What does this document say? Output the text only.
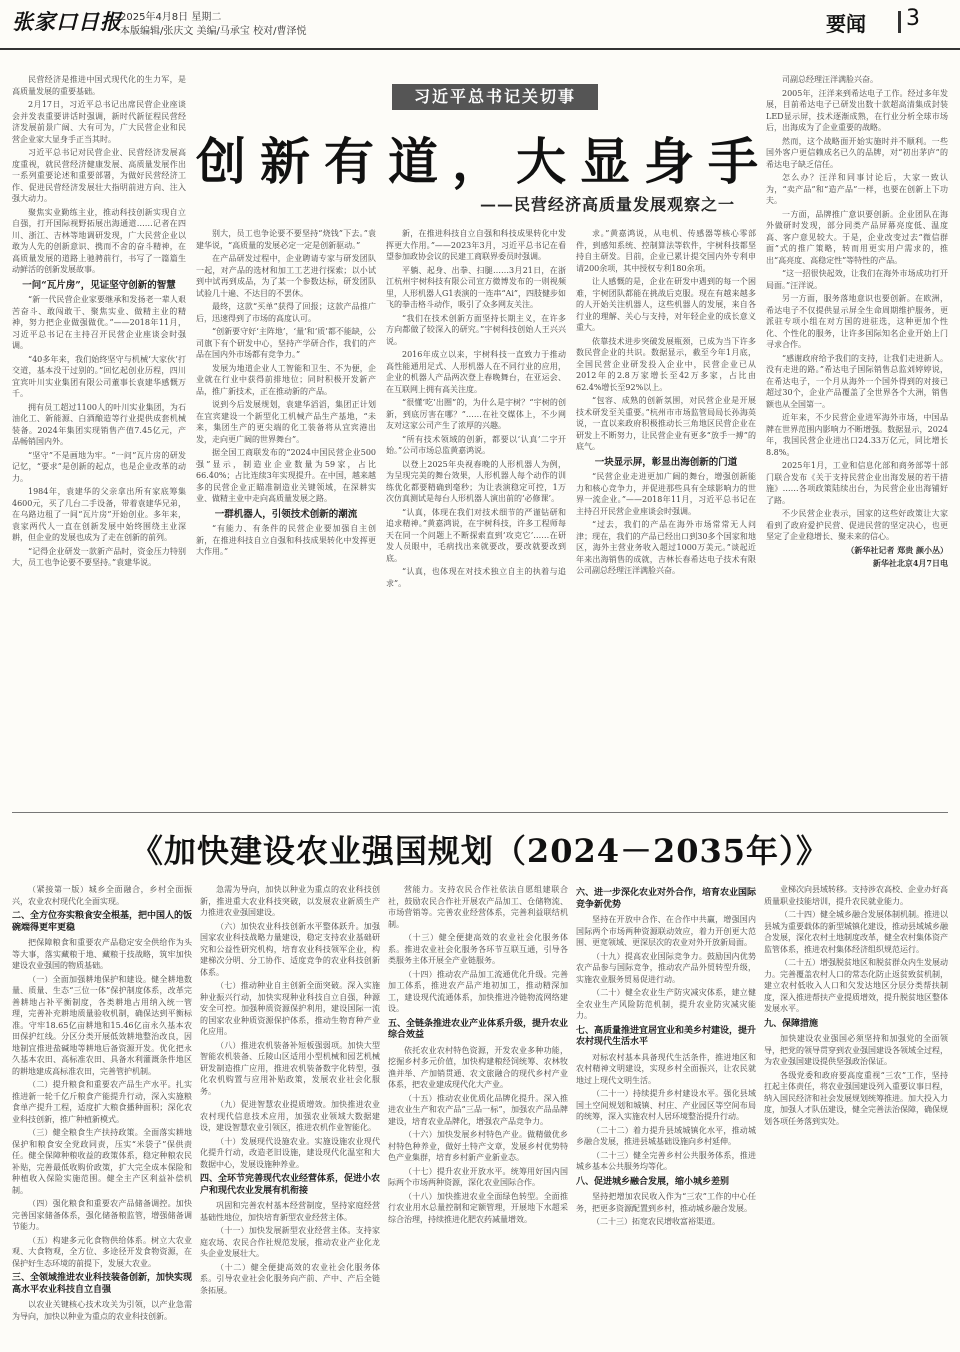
张家口日报
2025年4月8日 星期二
本版编辑/张庆文 美编/马承宝 校对/曹泽悦	要闻 3
习近平总书记关切事
创新有道，大显身手
——民营经济高质量发展观察之一

民营经济是推进中国式现代化的生力军，是高质量发展的重要基础。

2月17日，习近平总书记出席民营企业座谈会并发表重要讲话时强调，新时代新征程民营经济发展前景广阔、大有可为，广大民营企业和民营企业家大显身手正当其时。

习近平总书记对民营企业、民营经济发展高度重视，就民营经济健康发展、高质量发展作出一系列重要论述和重要部署，为做好民营经济工作、促进民营经济发展壮大指明前进方向、注入强大动力。

聚焦实业勤练主业，推动科技创新实现自立自强，打开国际视野拓展出海通道……记者在四川、浙江、吉林等地调研发现，广大民营企业以敢为人先的创新意识、携而不舍的奋斗精神，在高质量发展的道路上驰骋前行，书写了一篇篇生动鲜活的创新发展故事。

一问“瓦片房”，见证坚守创新的智慧

“新一代民营企业家要继承和发扬老一辈人艰苦奋斗、敢闯敢干、聚焦实业、做精主业的精神，努力把企业做强做优。”——2018年11月，习近平总书记在主持召开民营企业座谈会时强调。

“40多年来，我们始终坚守与机械‘大家伙’打交道，基本没干过别的。”回忆起创业历程，四川宜宾叶川实业集团有限公司董事长袁建华感慨万千。

拥有员工超过1100人的叶川实业集团，为石油化工、新能源、白酒酿造等行业提供成套机械装备。2024年集团实现销售产值7.45亿元，产品畅销国内外。

“坚守”不是画地为牢。“一问”瓦片房的研发记忆，“要求”是创新的起点，也是企业改革的动力。

1984年，袁建华的父亲拿出所有家底筹集4600元，买了几台二手设备，带着袁建华兄弟，在乌路边租了一间“瓦片房”开始创业。多年来，袁家两代人一直在创新发展中始终围绕主业深耕，但企业的发展也成为了走在创新的前列。

“记得企业研发一款新产品时，资金压力特别大，员工也争论要不要坚持。”袁建华说。

别大，员工也争论要不要坚持“烧钱”下去。”袁建华说，“高质量的发展必定一定是创新驱动。”

在产品研发过程中，企业聘请专家与研发团队一起，对产品的选材和加工工艺进行探索；以小试到中试再到成品，为了某一个参数达标，研发团队试验几十遍、不达目的不罢休。

最终，这款“买单”获得了回报；这款产品推广后，迅速得到了市场的高度认可。

“创新要守好‘主阵地’，‘量’和‘质’都不能缺，公司旗下有个研发中心，坚持产学研合作，我们的产品在国内外市场都有竞争力。”

发展为地道企业人工智能和卫生、不为便，企业就在行业中获得前排地位；同时积极开发新产品，推广新技术，正在推动新的产品。

说到今后发展规划，袁建华滔滔，集团正计划在宜宾建设一个新型化工机械产品生产基地，“未来，集团生产的更尖端的化工装备将从宜宾港出发，走向更广阔的世界舞台”。

据全国工商联发布的“2024中国民营企业500强”显示，制造业企业数量为59家，占比66.40%；占比连续3年实现提升。在中国，越来越多的民营企业正瞄准制造业关键领域，在深耕实业、做精主业中走向高质量发展之路。

一群机器人，引领技术创新的潮流

“有能力、有条件的民营企业要加强自主创新，在推进科技自立自强和科技成果转化中发挥更大作用。”

新，在推进科技自立自强和科技成果转化中发挥更大作用。”——2023年3月，习近平总书记在看望参加政协会议的民建工商联界委员时强调。

平躺、起身、出拳、扫腿……3月21日，在浙江杭州宇树科技有限公司宣方微博发布的一则视频里，人形机器人G1表演的一连串“Ai”，四肢健步如飞的拳击格斗动作，吸引了众多网友关注。

“我们在技术创新方面坚持长期主义，在许多方向都做了较深入的研究。”宇树科技创始人王兴兴说。

2016年成立以来，宇树科技一直致力于推动高性能通用足式、人形机器人在不同行业的应用，企业的机器人产品两次登上春晚舞台，在亚运会、在互联网上拥有高关注度。

“很懂‘吃’出圈”的，为什么是宇树？“宇树的创新，到底厉害在哪？”……在社交媒体上，不少网友对这家公司产生了浓厚的兴趣。

“所有技术领域的创新，都要以‘认真’二字开始。”公司市场总监黄嘉鸿说。

以登上2025年央视春晚的人形机器人为例，为呈现完美的舞台效果，人形机器人每个动作的训练优化都要精确到毫秒；为让表演稳定可控，1万次仿真测试是每台人形机器人演出前的‘必修课’。

“认真，体现在我们对技术细节的严谨钻研和追求精神。”黄嘉鸿说，在宇树科技，许多工程师每天在同一个问题上不断探索直到‘攻克它’……在研发人员眼中，毛病找出来就要改，要改就要改到底。

“认真，也体现在对技术独立自主的执着与追求”。

求。”黄嘉鸿说，从电机、传感器等核心零部件，到感知系统、控制算法等软件，宇树科技都坚持自主研发。目前，企业已累计提交国内外专利申请200余项，其中授权专利180余项。

让人感慨的是，企业在研发中遇到的每一个困难，宇树团队都能在挑战后克服。现在有越来越多的人开始关注机器人，这些机器人的发展，来自各行业的理解、关心与支持，对年轻企业的成长意义重大。

依靠技术进步突破发展瓶颈，已成为当下许多数民营企业的共识。数据显示，截至今年1月底，全国民营企业研发投入企业中，民营企业已从2012年的2.8万家增长至42万多家，占比由62.4%增长至92%以上。

“包容、成熟的创新氛围，对民营企业是开展技术研发至关重要。”杭州市市场监管局局长孙海英说，一直以来政府积极推动长三角地区民营企业在研发上不断努力，让民营企业有更多“放手一搏”的底气。

一块显示屏，彰显出海创新的门道

“民营企业走进更加广阔的舞台，增强创新能力和核心竞争力，并促进那些具有全球影响力的世界一流企业。”——2018年11月，习近平总书记在主持召开民营企业座谈会时强调。

“过去，我们的产品在海外市场常常无人问津；现在，我们的产品已经出口到30多个国家和地区，海外主营业务收入超过1000万美元。”谈起近年来出海销售的成就，吉林长春希达电子技术有限公司副总经理汪洋满脸兴奋。

司副总经理汪洋满脸兴奋。

2005年，汪洋来到希达电子工作。经过多年发展，目前希达电子已研发出数十款超高清集成封装LED显示屏，技术逐渐成熟，在行业分析全球市场后，出海成为了企业重要的战略。

然而，这个战略面开始实施时并不顺利。一些国外客户更信赖成名已久的品牌，对“初出茅庐”的希达电子缺乏信任。

怎么办？汪洋和同事讨论后，大家一致认为，“卖产品”和“造产品”一样，也要在创新上下功夫。

一方面，品牌推广意识要创新。企业团队在海外做研时发现，部分同类产品屏幕亮度低、温度高、客户意见较大。于是，企业改变过去“微信群面”式的推广策略，转而用更实用户需求的，推出“高亮度、高稳定性”等特性的产品。

“这一招很快起效，让我们在海外市场成功打开局面。”汪洋说。

另一方面，服务落地意识也要创新。在欧洲，希达电子不仅提供显示屏全生命周期维护服务，更派驻专项小组在对方国的进驻选，这种更加个性化、个性化的服务，让许多国际知名企业开始上门寻求合作。

“感谢政府给予我们的支持，让我们走进新人。没有走进的路。”希达电子国际销售总监刘婷婷说，在希达电子，一个月从海外一个国外得到的对接已超过30个，企业产品覆盖了全世界各个大洲，销售额也从全国第一。

近年来，不少民营企业进军海外市场，中国品牌在世界范围内影响力不断增强。数据显示，2024年，我国民营企业进出口24.33万亿元，同比增长8.8%。

2025年1月，工业和信息化部和商务部等十部门联合发布《关于支持民营企业出海发展的若干措施》……各项政策陆续出台，为民营企业出海铺好了路。

不少民营企业表示，国家的这些好政策让大家看到了政府爱护民营、促进民营的坚定决心，也更坚定了企业稳增长、聚未来的信心。

（新华社记者 郑贵 颜小丛）

新华社北京4月7日电

《加快建设农业强国规划（2024－2035年）》

（紧接第一版）城乡全面融合，乡村全面振兴，农业农村现代化全面实现。

二、全方位夯实粮食安全根基，把中国人的饭碗端得更牢更稳

把保障粮食和重要农产品稳定安全供给作为头等大事，落实藏粮于地、藏粮于技战略，筑牢加快建设农业强国的物质基础。

（一）全面加强耕地保护和建设。健全耕地数量、质量、生态“三位一体”保护制度体系，改革完善耕地占补平衡制度，各类耕地占用纳入统一管理，完善补充耕地质量验收机制，确保达到平衡标准。守牢18.65亿亩耕地和15.46亿亩永久基本农田保护红线。分区分类开展低效耕地整治改良，因地制宜推进盐碱地等耕地后备资源开发。优化把永久基本农田、高标准农田、具备水利灌溉条件地区的耕地建成高标准农田，完善管护机制。

（二）提升粮食和重要农产品生产水平。扎实推进新一轮千亿斤粮食产能提升行动，深入实施粮食单产提升工程，适度扩大粮食播种面积；深化农业科技创新，推广种植新模式。

（三）健全粮食生产扶持政策。全面落实耕地保护和粮食安全党政同责，压实“米袋子”保供责任。健全保障种粮收益的政策体系，稳定种粮农民补贴，完善最低收购价政策，扩大完全成本保险和种植收入保险实施范围。健全主产区利益补偿机制。

（四）强化粮食和重要农产品储备调控。加快完善国家储备体系，强化储备粮监管，增强储备调节能力。

（五）构建多元化食物供给体系。树立大农业观、大食物观，全方位、多途径开发食物资源，在保护好生态环境的前提下，发展大农业。

三、全领域推进农业科技装备创新，加快实现高水平农业科技自立自强

以农业关键核心技术攻关为引领，以产业急需为导向，加快以种业为重点的农业科技创新。

急需为导向，加快以种业为重点的农业科技创新，推进重大农业科技突破，以发展农业新质生产力推进农业强国建设。

（六）加快农业科技创新水平整体跃升。加强国家农业科技战略力量建设，稳定支持农业基础研究和公益性研究机构，培育农业科技领军企业，构建梯次分明、分工协作、适度竞争的农业科技创新体系。

（七）推动种业自主创新全面突破。深入实施种业振兴行动，加快实现种业科技自立自强，种源安全可控。加强种质资源保护利用，建设国际一流的国家农业种质资源保护体系，推动生物育种产业化应用。

（八）推进农机装备补短板强弱项。加快大型智能农机装备、丘陵山区适用小型机械和园艺机械研发制造推广应用，推进农机装备数字化转型，强化农机购置与应用补贴政策，发展农业社会化服务。

（九）促进智慧农业提质增效。加快推进农业农村现代信息技术应用，加强农业领域大数据建设，建设智慧农业引领区，推进农机作业智能化。

（十）发展现代设施农业。实施设施农业现代化提升行动，改造老旧设施，建设现代化温室和大数据中心，发展设施种养业。

四、全环节完善现代农业经营体系，促进小农户和现代农业发展有机衔接

巩固和完善农村基本经营制度，坚持家庭经营基础性地位，加快培育新型农业经营主体。

（十一）加快发展新型农业经营主体。支持家庭农场、农民合作社规范发展，推动农业产业化龙头企业发展壮大。

（十二）健全便捷高效的农业社会化服务体系。引导农业社会化服务向产前、产中、产后全链条拓展。

营能力。支持农民合作社依法自愿组建联合社，鼓励农民合作社开展农产品加工、仓储物流、市场营销等。完善农业经营体系，完善利益联结机制。

（十三）健全便捷高效的农业社会化服务体系。推进农业社会化服务各环节互联互通，引导各类服务主体开展全产业链服务。

（十四）推动农产品加工流通优化升级。完善加工体系，推进农产品产地初加工，推动精深加工，建设现代流通体系，加快推进冷链物流网络建设。

五、全链条推进农业产业体系升级，提升农业综合效益

依托农业农村特色资源，开发农业多种功能，挖掘乡村多元价值，加快构建粮经饲统筹、农林牧渔并举、产加销贯通、农文旅融合的现代乡村产业体系，把农业建成现代化大产业。

（十五）推动农业优质化品牌化提升。深入推进农业生产和农产品“三品一标”，加强农产品品牌建设，培育农业品牌化，增强农产品竞争力。

（十六）加快发展乡村特色产业。做精做优乡村特色种养业，做好土特产文章，发展乡村优势特色产业集群，培育乡村新产业新业态。

（十七）提升农业开放水平。统筹用好国内国际两个市场两种资源，深化农业国际合作。

（十八）加快推进农业全面绿色转型。全面推行农业用水总量控制和定额管理，开展地下水超采综合治理，持续推进化肥农药减量增效。

六、进一步深化农业对外合作，培育农业国际竞争新优势

坚持在开放中合作、在合作中共赢，增强国内国际两个市场两种资源联动效应，着力开创更大范围、更宽领域、更深层次的农业对外开放新局面。

（十九）提高农业国际竞争力。鼓励国内优势农产品参与国际竞争，推动农产品外贸转型升级，实施农业服务贸易促进行动。

（二十）健全农业生产防灾减灾体系，建立健全农业生产风险防范机制，提升农业防灾减灾能力。

七、高质量推进宜居宜业和美乡村建设，提升农村现代生活水平

对标农村基本具备现代生活条件，推进地区和农村精神文明建设，实现乡村全面振兴，让农民就地过上现代文明生活。

（二十一）持续提升乡村建设水平。强化县域国土空间规划和城镇、村庄、产业园区等空间布局的统筹，深入实施农村人居环境整治提升行动。

（二十二）着力提升县域城镇化水平，推动城乡融合发展，推进县城基础设施向乡村延伸。

（二十三）健全完善乡村公共服务体系，推进城乡基本公共服务均等化。

八、促进城乡融合发展，缩小城乡差别

坚持把增加农民收入作为“三农”工作的中心任务，把更多资源配置到乡村，推动城乡融合发展。

（二十三）拓宽农民增收富裕渠道。

业梯次向县域转移。支持涉农高校、企业办好高质量职业技能培训，提升农民就业能力。

（二十四）健全城乡融合发展体制机制。推进以县城为重要载体的新型城镇化建设，推动县域城乡融合发展，深化农村土地制度改革，健全农村集体资产监管体系，推进农村集体经济组织规范运行。

（二十五）增强脱贫地区和脱贫群众内生发展动力。完善覆盖农村人口的常态化防止返贫致贫机制，建立农村低收入人口和欠发达地区分层分类帮扶制度，深入推进帮扶产业提质增效，提升脱贫地区整体发展水平。

九、保障措施

加快建设农业强国必须坚持和加强党的全面领导，把党的领导贯穿到农业强国建设各领域全过程，为农业强国建设提供坚强政治保证。

各级党委和政府要高度重视“三农”工作，坚持扛起主体责任，将农业强国建设列入重要议事日程，纳入国民经济和社会发展规划统筹推进。加大投入力度，加强人才队伍建设，健全完善法治保障，确保规划各项任务落到实处。
